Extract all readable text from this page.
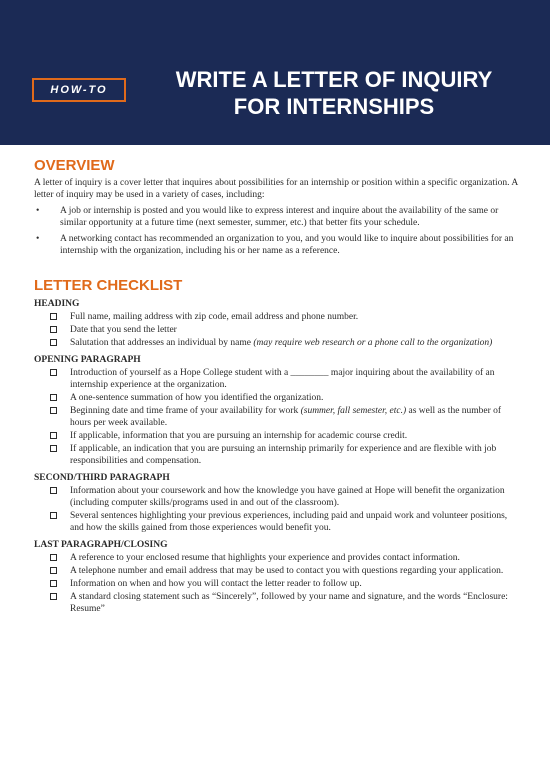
HOW-TO	WRITE A LETTER OF INQUIRY
FOR INTERNSHIPS
OVERVIEW

A letter of inquiry is a cover letter that inquires about possibilities for an internship or position within a specific organization. A letter of inquiry may be used in a variety of cases, including:

• A job or internship is posted and you would like to express interest and inquire about the availability of the same or similar opportunity at a future time (next semester, summer, etc.) that better fits your schedule.
• A networking contact has recommended an organization to you, and you would like to inquire about possibilities for an internship with the organization, including his or her name as a reference.
LETTER CHECKLIST
HEADING
Full name, mailing address with zip code, email address and phone number.
Date that you send the letter
Salutation that addresses an individual by name (may require web research or a phone call to the organization)
OPENING PARAGRAPH
Introduction of yourself as a Hope College student with a ________ major inquiring about the availability of an internship experience at the organization.
A one-sentence summation of how you identified the organization.
Beginning date and time frame of your availability for work (summer, fall semester, etc.) as well as the number of hours per week available.
If applicable, information that you are pursuing an internship for academic course credit.
If applicable, an indication that you are pursuing an internship primarily for experience and are flexible with job responsibilities and compensation.
SECOND/THIRD PARAGRAPH
Information about your coursework and how the knowledge you have gained at Hope will benefit the organization (including computer skills/programs used in and out of the classroom).
Several sentences highlighting your previous experiences, including paid and unpaid work and volunteer positions, and how the skills gained from those experiences would benefit you.
LAST PARAGRAPH/CLOSING
A reference to your enclosed resume that highlights your experience and provides contact information.
A telephone number and email address that may be used to contact you with questions regarding your application.
Information on when and how you will contact the letter reader to follow up.
A standard closing statement such as “Sincerely”, followed by your name and signature, and the words “Enclosure: Resume”
